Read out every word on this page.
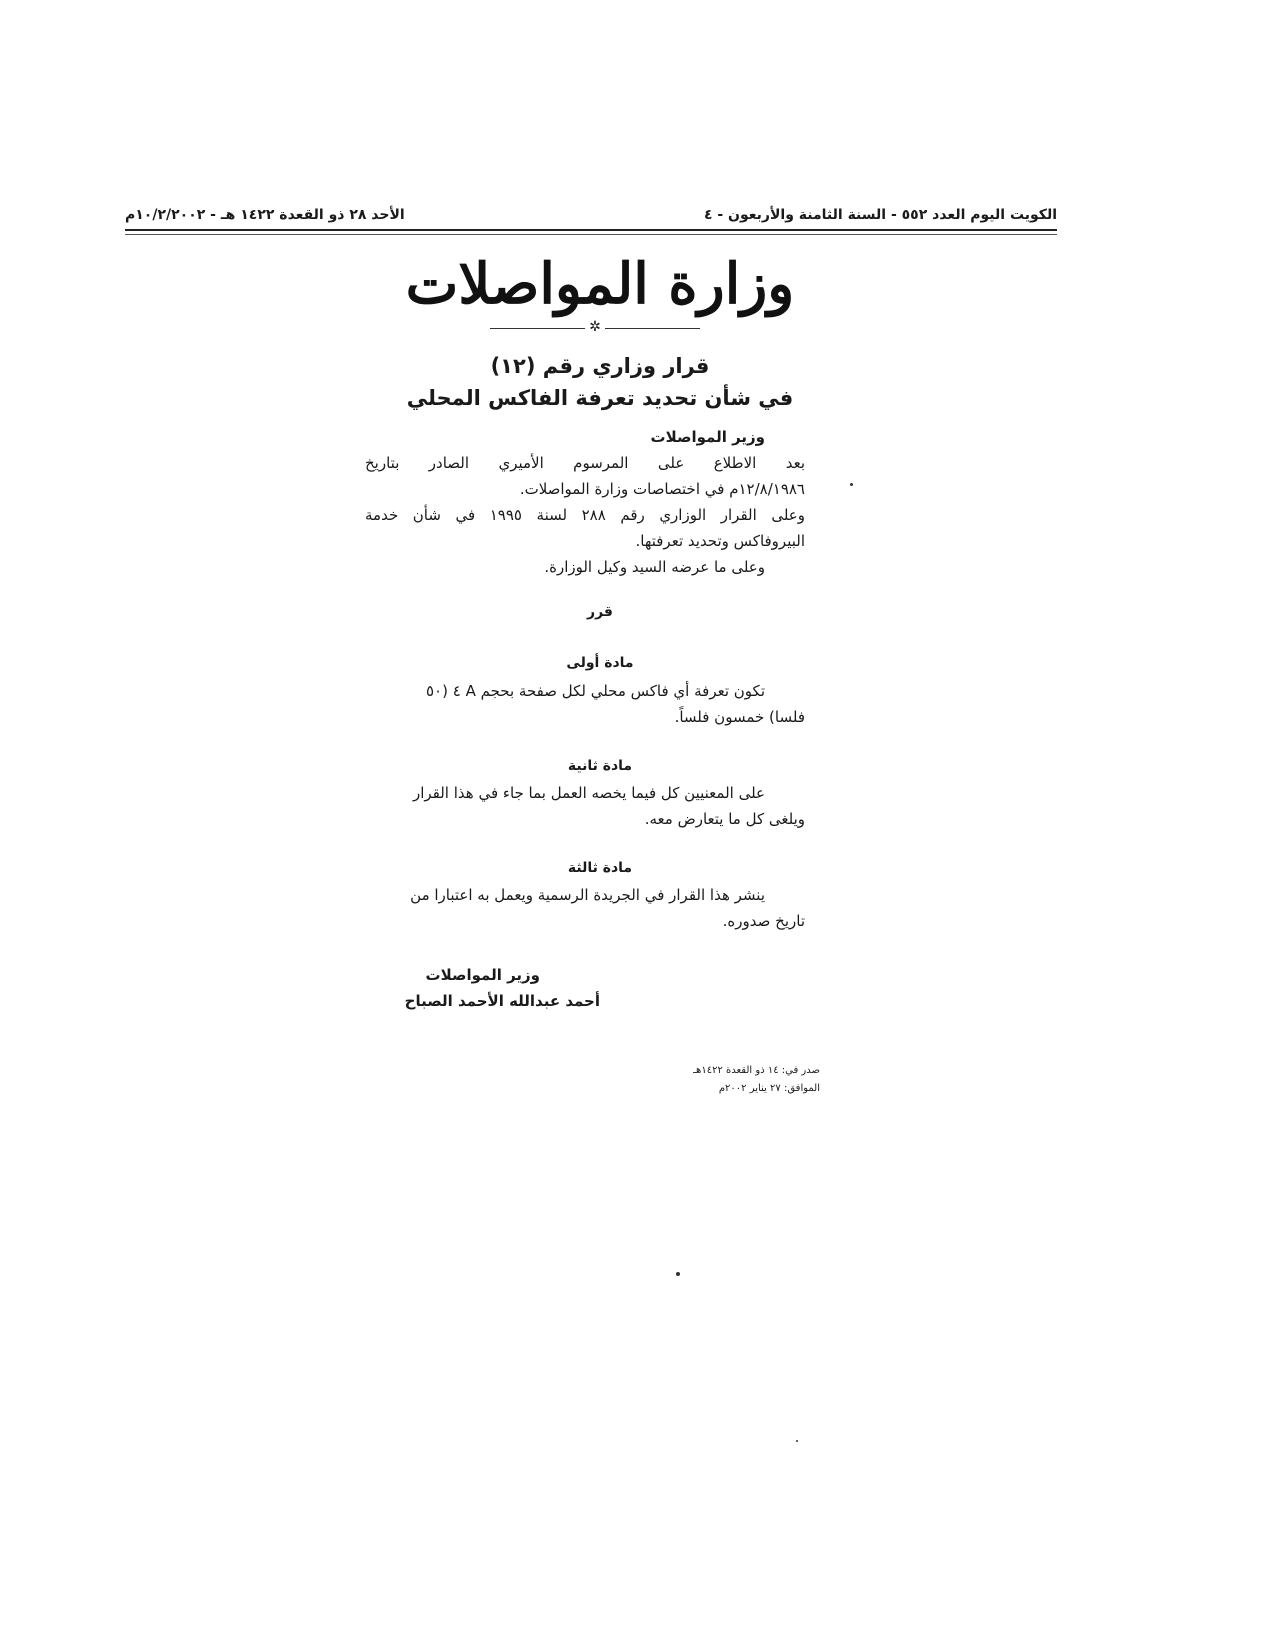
الكويت اليوم العدد ٥٥٢ - السنة الثامنة والأربعون - ٤
الأحد ٢٨ ذو القعدة ١٤٢٢ هـ - ١٠/٢/٢٠٠٢م
وزارة المواصلات
✲
قرار وزاري رقم (١٢)
في شأن تحديد تعرفة الفاكس المحلي
وزير المواصلات
بعد الاطلاع على المرسوم الأميري الصادر بتاريخ
١٢/٨/١٩٨٦م في اختصاصات وزارة المواصلات.
وعلى القرار الوزاري رقم ٢٨٨ لسنة ١٩٩٥ في شأن خدمة
البيروفاكس وتحديد تعرفتها.
وعلى ما عرضه السيد وكيل الوزارة.
قرر
مادة أولى
تكون تعرفة أي فاكس محلي لكل صفحة بحجم A ٤ (٥٠
فلسا) خمسون فلساً.
مادة ثانية
على المعنيين كل فيما يخصه العمل بما جاء في هذا القرار
ويلغى كل ما يتعارض معه.
مادة ثالثة
ينشر هذا القرار في الجريدة الرسمية ويعمل به اعتبارا من
تاريخ صدوره.
وزير المواصلات
أحمد عبدالله الأحمد الصباح
صدر في: ١٤ ذو القعدة ١٤٢٢هـ
الموافق: ٢٧ يناير ٢٠٠٢م
